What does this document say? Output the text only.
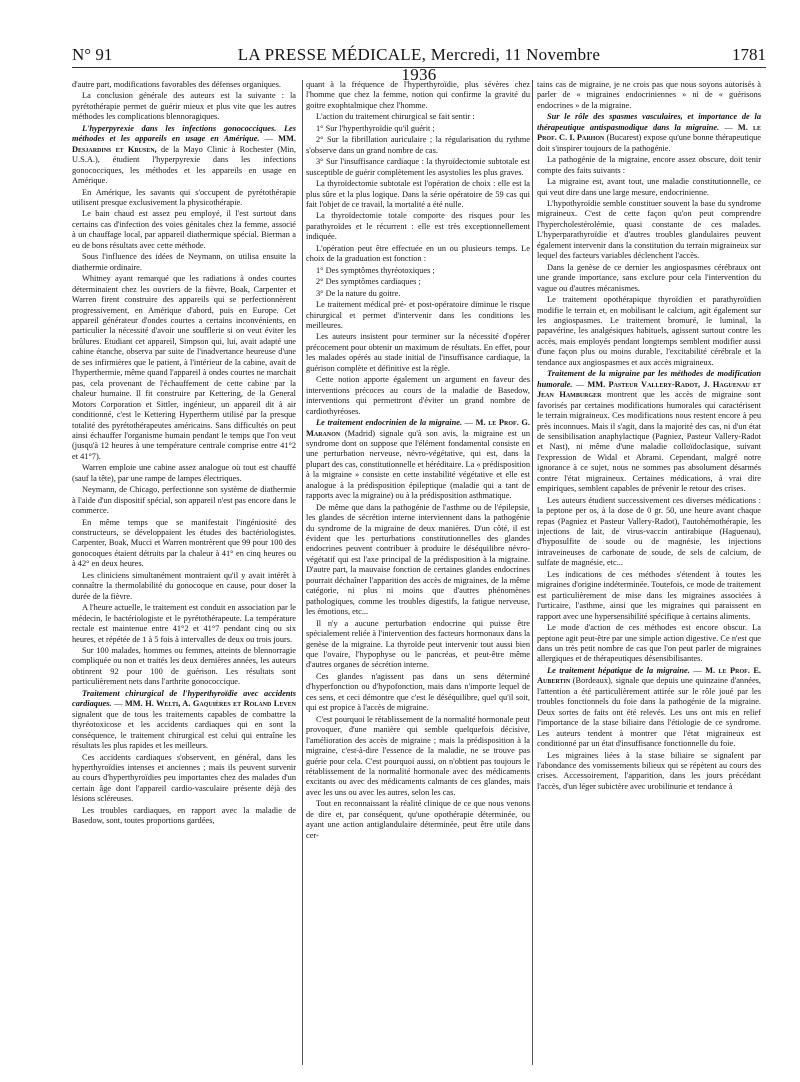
N° 91	LA PRESSE MÉDICALE, Mercredi, 11 Novembre 1936
1781

d'autre part, modifications favorables des défenses organiques.

La conclusion générale des auteurs est la suivante : la pyrétothérapie permet de guérir mieux et plus vite que les autres méthodes les complications blennoragiques.

L'hyperpyrexie dans les infections gonococciques. Les méthodes et les appareils en usage en Amérique. — MM. Desjardins et Krusen, de la Mayo Clinic à Rochester (Min, U.S.A.), étudient l'hyperpyrexie dans les infections gonococciques, les méthodes et les appareils en usage en Amérique.

En Amérique, les savants qui s'occupent de pyrétothérapie utilisent presque exclusivement la physicothérapie.

Le bain chaud est assez peu employé, il l'est surtout dans certains cas d'infection des voies génitales chez la femme, associé à un chauffage local, par appareil diathermique spécial. Bierman a eu de bons résultats avec cette méthode.

Sous l'influence des idées de Neymann, on utilisa ensuite la diathermie ordinaire.

Whitney ayant remarqué que les radiations à ondes courtes déterminaient chez les ouvriers de la fièvre, Boak, Carpenter et Warren firent construire des appareils qui se perfectionnèrent progressivement, en Amérique d'abord, puis en Europe. Cet appareil générateur d'ondes courtes a certains inconvénients, en particulier la nécessité d'avoir une soufflerie si on veut éviter les brûlures. Etudiant cet appareil, Simpson qui, lui, avait adapté une cabine étanche, observa par suite de l'inadvertance heureuse d'une de ses infirmières que le patient, à l'intérieur de la cabine, avait de l'hyperthermie, même quand l'appareil à ondes courtes ne marchait pas, cela provenant de l'échauffement de cette cabine par la chaleur humaine. Il fit construire par Kettering, de la General Motors Corporation et Sittler, ingénieur, un appareil dit à air conditionné, c'est le Kettering Hypertherm utilisé par la presque totalité des pyrétothérapeutes américains. Sans difficultés on peut ainsi échauffer l'organisme humain pendant le temps que l'on veut (jusqu'à 12 heures à une température centrale comprise entre 41°2 et 41°7).

Warren emploie une cabine assez analogue où tout est chauffé (sauf la tête), par une rampe de lampes électriques.

Neymann, de Chicago, perfectionne son système de diathermie à l'aide d'un dispositif spécial, son appareil n'est pas encore dans le commerce.

En même temps que se manifestait l'ingéniosité des constructeurs, se développaient les études des bactériologistes. Carpenter, Boak, Mucci et Warren montrèrent que 99 pour 100 des gonocoques étaient détruits par la chaleur à 41° en cinq heures ou à 42° en deux heures.

Les cliniciens simultanément montraient qu'il y avait intérêt à connaître la thermolabilité du gonocoque en cause, pour doser la durée de la fièvre.

A l'heure actuelle, le traitement est conduit en association par le médecin, le bactériologiste et le pyrétothérapeute. La température rectale est maintenue entre 41°2 et 41°7 pendant cinq ou six heures, et répétée de 1 à 5 fois à intervalles de deux ou trois jours.

Sur 100 malades, hommes ou femmes, atteints de blennorragie compliquée ou non et traités les deux dernières années, les auteurs obtinrent 92 pour 100 de guérison. Les résultats sont particulièrement nets dans l'arthrite gonococcique.

Traitement chirurgical de l'hyperthyroïdie avec accidents cardiaques. — MM. H. Welti, A. Gaquières et Roland Leven signalent que de tous les traitements capables de combattre la thyréotoxicose et les accidents cardiaques qui en sont la conséquence, le traitement chirurgical est celui qui entraîne les résultats les plus rapides et les meilleurs.

Ces accidents cardiaques s'observent, en général, dans les hyperthyroïdies intenses et anciennes ; mais ils peuvent survenir au cours d'hyperthyroïdies peu importantes chez des malades d'un certain âge dont l'appareil cardio-vasculaire présente déjà des lésions scléreuses.

Les troubles cardiaques, en rapport avec la maladie de Basedow, sont, toutes proportions gardées,

quant à la fréquence de l'hyperthyroïdie, plus sévères chez l'homme que chez la femme, notion qui confirme la gravité du goitre exophtalmique chez l'homme.

L'action du traitement chirurgical se fait sentir :

1° Sur l'hyperthyroïdie qu'il guérit ;

2° Sur la fibrillation auriculaire ; la régularisation du rythme s'observe dans un grand nombre de cas.

3° Sur l'insuffisance cardiaque : la thyroïdectomie subtotale est susceptible de guérir complètement les asystolies les plus graves.

La thyroïdectomie subtotale est l'opération de choix : elle est la plus sûre et la plus logique. Dans la série opératoire de 59 cas qui fait l'objet de ce travail, la mortalité a été nulle.

La thyroïdectomie totale comporte des risques pour les parathyroïdes et le récurrent : elle est très exceptionnellement indiquée.

L'opération peut être effectuée en un ou plusieurs temps. Le choix de la graduation est fonction :

1° Des symptômes thyréotoxiques ;

2° Des symptômes cardiaques ;

3° De la nature du goitre.

Le traitement médical pré- et post-opératoire diminue le risque chirurgical et permet d'intervenir dans les conditions les meilleures.

Les auteurs insistent pour terminer sur la nécessité d'opérer précocement pour obtenir un maximum de résultats. En effet, pour les malades opérés au stade initial de l'insuffisance cardiaque, la guérison complète et définitive est la règle.

Cette notion apporte également un argument en faveur des interventions précoces au cours de la maladie de Basedow, interventions qui permettront d'éviter un grand nombre de cardiothyréoses.

Le traitement endocrinien de la migraine. — M. le Prof. G. Maranon (Madrid) signale qu'à son avis, la migraine est un syndrome dont on suppose que l'élément fondamental consiste en une perturbation nerveuse, névro-végétative, qui est, dans la plupart des cas, constitutionnelle et héréditaire. La « prédisposition à la migraine » consiste en cette instabilité végétative et elle est analogue à la prédisposition épileptique (maladie qui a tant de rapports avec la migraine) ou à la prédisposition asthmatique.

De même que dans la pathogénie de l'asthme ou de l'épilepsie, les glandes de sécrétion interne interviennent dans la pathogénie du syndrome de la migraine de deux manières. D'un côté, il est évident que les perturbations constitutionnelles des glandes endocrines peuvent contribuer à produire le déséquilibre névro-végétatif qui est l'axe principal de la prédisposition à la migraine. D'autre part, la mauvaise fonction de certaines glandes endocrines pourrait déchaîner l'apparition des accès de migraines, de la même catégorie, ni plus ni moins que d'autres phénomènes pathologiques, comme les troubles digestifs, la fatigue nerveuse, les émotions, etc...

Il n'y a aucune perturbation endocrine qui puisse être spécialement reliée à l'intervention des facteurs hormonaux dans la genèse de la migraine. La thyroïde peut intervenir tout aussi bien que l'ovaire, l'hypophyse ou le pancréas, et peut-être même d'autres organes de sécrétion interne.

Ces glandes n'agissent pas dans un sens déterminé d'hyperfonction ou d'hypofonction, mais dans n'importe lequel de ces sens, et ceci démontre que c'est le déséquilibre, quel qu'il soit, qui est propice à l'accès de migraine.

C'est pourquoi le rétablissement de la normalité hormonale peut provoquer, d'une manière qui semble quelquefois décisive, l'amélioration des accès de migraine ; mais la prédisposition à la migraine, c'est-à-dire l'essence de la maladie, ne se trouve pas guérie pour cela. C'est pourquoi aussi, on n'obtient pas toujours le rétablissement de la normalité hormonale avec des médicaments excitants ou avec des médicaments calmants de ces glandes, mais avec les uns ou avec les autres, selon les cas.

Tout en reconnaissant la réalité clinique de ce que nous venons de dire et, par conséquent, qu'une opothérapie déterminée, ou ayant une action antiglandulaire déterminée, peut être utile dans cer-

tains cas de migraine, je ne crois pas que nous soyons autorisés à parler de « migraines endocriniennes » ni de « guérisons endocrines » de la migraine.

Sur le rôle des spasmes vasculaires, et importance de la thérapeutique antispasmodique dans la migraine. — M. le Prof. C. I. Parhon (Bucarest) expose qu'une bonne thérapeutique doit s'inspirer toujours de la pathogénie.

La pathogénie de la migraine, encore assez obscure, doit tenir compte des faits suivants :

La migraine est, avant tout, une maladie constitutionnelle, ce qui veut dire dans une large mesure, endocrinienne.

L'hypothyroïdie semble constituer souvent la base du syndrome migraineux. C'est de cette façon qu'on peut comprendre l'hypercholestérolémie, quasi constante de ces malades. L'hyperparathyroïdie et d'autres troubles glandulaires peuvent également intervenir dans la constitution du terrain migraineux sur lequel des facteurs variables déclenchent l'accès.

Dans la genèse de ce dernier les angiospasmes cérébraux ont une grande importance, sans exclure pour cela l'intervention du vague ou d'autres mécanismes.

Le traitement opothérapique thyroïdien et parathyroïdien modifie le terrain et, en mobilisant le calcium, agit également sur les angiospasmes. Le traitement bromuré, le luminal, la papavérine, les analgésiques habituels, agissent surtout contre les accès, mais employés pendant longtemps semblent modifier aussi d'une façon plus ou moins durable, l'excitabilité cérébrale et la tendance aux angiospasmes et aux accès migraineux.

Traitement de la migraine par les méthodes de modification humorale. — MM. Pasteur Vallery-Radot, J. Haguenau et Jean Hamburger montrent que les accès de migraine sont favorisés par certaines modifications humorales qui caractérisent le terrain migraineux. Ces modifications nous restent encore à peu près inconnues. Mais il s'agit, dans la majorité des cas, ni d'un état de sensibilisation anaphylactique (Pagniez, Pasteur Vallery-Radot et Nast), ni même d'une maladie colloïdoclasique, suivant l'expression de Widal et Abrami. Cependant, malgré notre ignorance à ce sujet, nous ne sommes pas absolument désarmés contre l'état migraineux. Certaines médications, à vrai dire empiriques, semblent capables de prévenir le retour des crises.

Les auteurs étudient successivement ces diverses médications : la peptone per os, à la dose de 0 gr. 50, une heure avant chaque repas (Pagniez et Pasteur Vallery-Radot), l'autohémothérapie, les injections de lait, de virus-vaccin antirabique (Haguenau), d'hyposulfite de soude ou de magnésie, les injections intraveineuses de carbonate de soude, de sels de calcium, de sulfate de magnésie, etc...

Les indications de ces méthodes s'étendent à toutes les migraines d'origine indéterminée. Toutefois, ce mode de traitement est particulièrement de mise dans les migraines associées à l'urticaire, l'asthme, ainsi que les migraines qui paraissent en rapport avec une hypersensibilité spécifique à certains aliments.

Le mode d'action de ces méthodes est encore obscur. La peptone agit peut-être par une simple action digestive. Ce n'est que dans un très petit nombre de cas que l'on peut parler de migraines allergiques et de thérapeutiques désensibilisantes.

Le traitement hépatique de la migraine. — M. le Prof. E. Aubertin (Bordeaux), signale que depuis une quinzaine d'années, l'attention a été particulièrement attirée sur le rôle joué par les troubles fonctionnels du foie dans la pathogénie de la migraine. Deux sortes de faits ont été relevés. Les uns ont mis en relief l'importance de la stase biliaire dans l'étiologie de ce syndrome. Les auteurs tendent à montrer que l'état migraineux est conditionné par un état d'insuffisance fonctionnelle du foie.

Les migraines liées à la stase biliaire se signalent par l'abondance des vomissements bilieux qui se répètent au cours des crises. Accessoirement, l'apparition, dans les jours précédant l'accès, d'un léger subictère avec urobilinurie et tendance à
